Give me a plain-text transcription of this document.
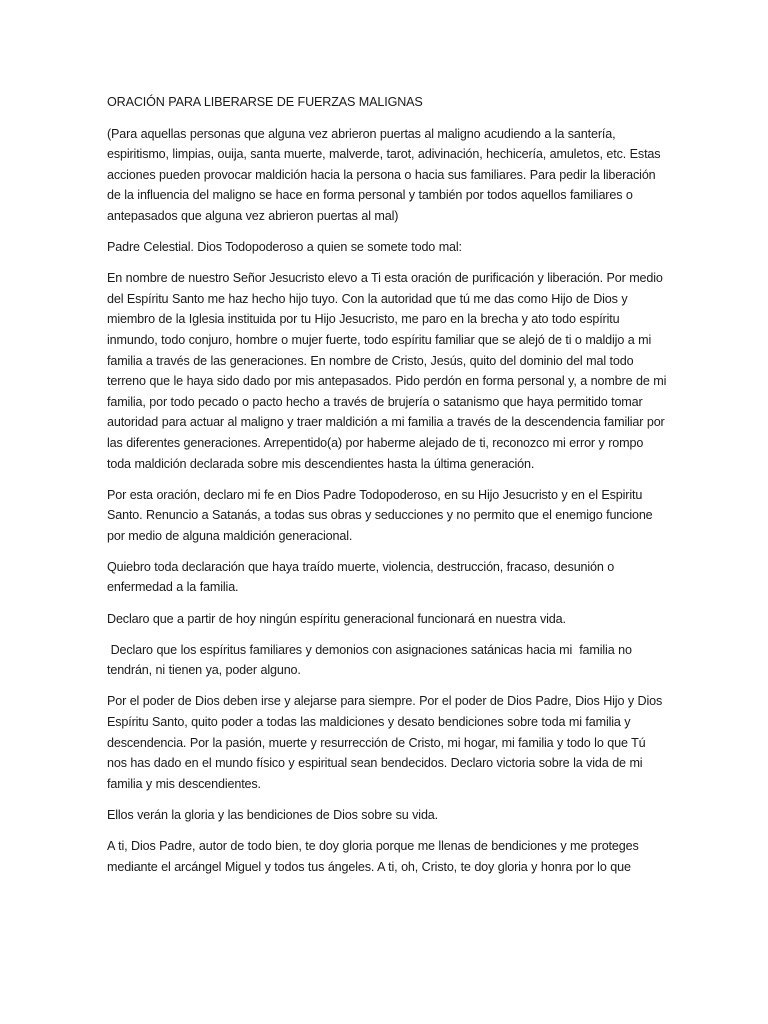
ORACIÓN PARA LIBERARSE DE FUERZAS MALIGNAS

(Para aquellas personas que alguna vez abrieron puertas al maligno acudiendo a la santería, espiritismo, limpias, ouija, santa muerte, malverde, tarot, adivinación, hechicería, amuletos, etc. Estas acciones pueden provocar maldición hacia la persona o hacia sus familiares. Para pedir la liberación de la influencia del maligno se hace en forma personal y también por todos aquellos familiares o antepasados que alguna vez abrieron puertas al mal)

Padre Celestial. Dios Todopoderoso a quien se somete todo mal:

En nombre de nuestro Señor Jesucristo elevo a Ti esta oración de purificación y liberación. Por medio del Espíritu Santo me haz hecho hijo tuyo. Con la autoridad que tú me das como Hijo de Dios y miembro de la Iglesia instituida por tu Hijo Jesucristo, me paro en la brecha y ato todo espíritu inmundo, todo conjuro, hombre o mujer fuerte, todo espíritu familiar que se alejó de ti o maldijo a mi familia a través de las generaciones. En nombre de Cristo, Jesús, quito del dominio del mal todo terreno que le haya sido dado por mis antepasados. Pido perdón en forma personal y, a nombre de mi familia, por todo pecado o pacto hecho a través de brujería o satanismo que haya permitido tomar autoridad para actuar al maligno y traer maldición a mi familia a través de la descendencia familiar por las diferentes generaciones. Arrepentido(a) por haberme alejado de ti, reconozco mi error y rompo toda maldición declarada sobre mis descendientes hasta la última generación.

Por esta oración, declaro mi fe en Dios Padre Todopoderoso, en su Hijo Jesucristo y en el Espiritu Santo. Renuncio a Satanás, a todas sus obras y seducciones y no permito que el enemigo funcione por medio de alguna maldición generacional.

Quiebro toda declaración que haya traído muerte, violencia, destrucción, fracaso, desunión o enfermedad a la familia.

Declaro que a partir de hoy ningún espíritu generacional funcionará en nuestra vida.

Declaro que los espíritus familiares y demonios con asignaciones satánicas hacia mi  familia no tendrán, ni tienen ya, poder alguno.

Por el poder de Dios deben irse y alejarse para siempre. Por el poder de Dios Padre, Dios Hijo y Dios Espíritu Santo, quito poder a todas las maldiciones y desato bendiciones sobre toda mi familia y descendencia. Por la pasión, muerte y resurrección de Cristo, mi hogar, mi familia y todo lo que Tú nos has dado en el mundo físico y espiritual sean bendecidos. Declaro victoria sobre la vida de mi familia y mis descendientes.

Ellos verán la gloria y las bendiciones de Dios sobre su vida.

A ti, Dios Padre, autor de todo bien, te doy gloria porque me llenas de bendiciones y me proteges mediante el arcángel Miguel y todos tus ángeles. A ti, oh, Cristo, te doy gloria y honra por lo que
